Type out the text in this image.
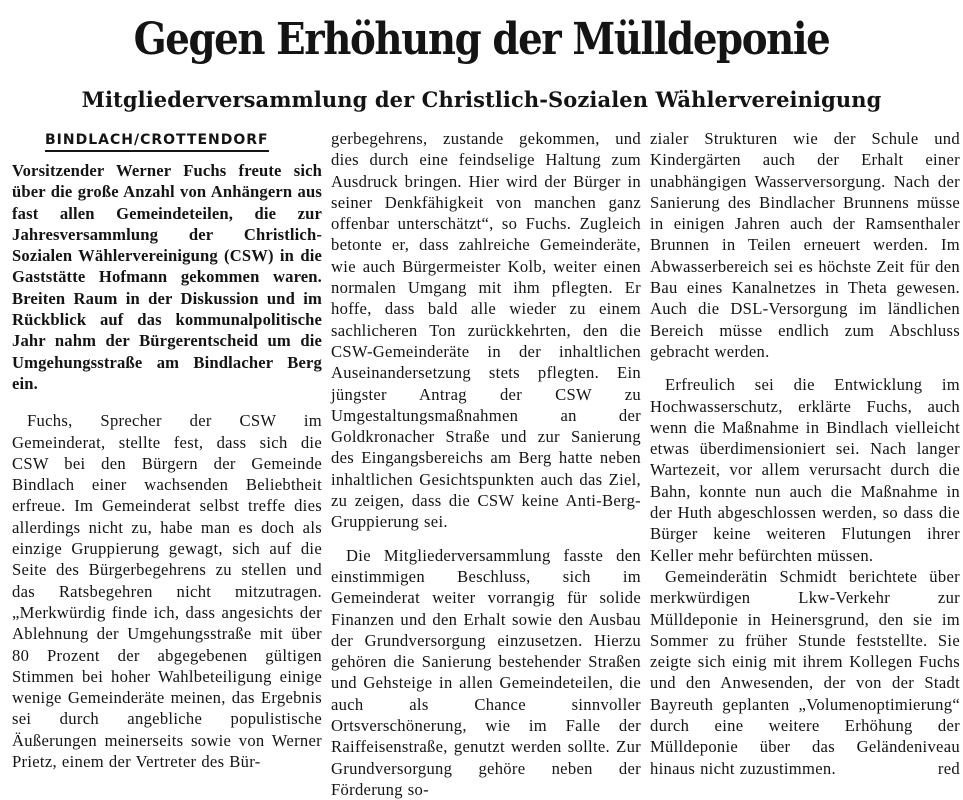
Gegen Erhöhung der Mülldeponie
Mitgliederversammlung der Christlich-Sozialen Wählervereinigung
BINDLACH/CROTTENDORF

Vorsitzender Werner Fuchs freute sich über die große Anzahl von Anhängern aus fast allen Gemeindeteilen, die zur Jahresversammlung der Christlich-Sozialen Wählervereinigung (CSW) in die Gaststätte Hofmann gekommen waren. Breiten Raum in der Diskussion und im Rückblick auf das kommunalpolitische Jahr nahm der Bürgerentscheid um die Umgehungsstraße am Bindlacher Berg ein.

Fuchs, Sprecher der CSW im Gemeinderat, stellte fest, dass sich die CSW bei den Bürgern der Gemeinde Bindlach einer wachsenden Beliebtheit erfreue. Im Gemeinderat selbst treffe dies allerdings nicht zu, habe man es doch als einzige Gruppierung gewagt, sich auf die Seite des Bürgerbegehrens zu stellen und das Ratsbegehren nicht mitzutragen. „Merkwürdig finde ich, dass angesichts der Ablehnung der Umgehungsstraße mit über 80 Prozent der abgegebenen gültigen Stimmen bei hoher Wahlbeteiligung einige wenige Gemeinderäte meinen, das Ergebnis sei durch angebliche populistische Äußerungen meinerseits sowie von Werner Prietz, einem der Vertreter des Bür-

gerbegehrens, zustande gekommen, und dies durch eine feindselige Haltung zum Ausdruck bringen. Hier wird der Bürger in seiner Denkfähigkeit von manchen ganz offenbar unterschätzt“, so Fuchs. Zugleich betonte er, dass zahlreiche Gemeinderäte, wie auch Bürgermeister Kolb, weiter einen normalen Umgang mit ihm pflegten. Er hoffe, dass bald alle wieder zu einem sachlicheren Ton zurückkehrten, den die CSW-Gemeinderäte in der inhaltlichen Auseinandersetzung stets pflegten. Ein jüngster Antrag der CSW zu Umgestaltungsmaßnahmen an der Goldkronacher Straße und zur Sanierung des Eingangsbereichs am Berg hatte neben inhaltlichen Gesichtspunkten auch das Ziel, zu zeigen, dass die CSW keine Anti-Berg-Gruppierung sei.

Die Mitgliederversammlung fasste den einstimmigen Beschluss, sich im Gemeinderat weiter vorrangig für solide Finanzen und den Erhalt sowie den Ausbau der Grundversorgung einzusetzen. Hierzu gehören die Sanierung bestehender Straßen und Gehsteige in allen Gemeindeteilen, die auch als Chance sinnvoller Ortsverschönerung, wie im Falle der Raiffeisenstraße, genutzt werden sollte. Zur Grundversorgung gehöre neben der Förderung so-

zialer Strukturen wie der Schule und Kindergärten auch der Erhalt einer unabhängigen Wasserversorgung. Nach der Sanierung des Bindlacher Brunnens müsse in einigen Jahren auch der Ramsenthaler Brunnen in Teilen erneuert werden. Im Abwasserbereich sei es höchste Zeit für den Bau eines Kanalnetzes in Theta gewesen. Auch die DSL-Versorgung im ländlichen Bereich müsse endlich zum Abschluss gebracht werden.

Erfreulich sei die Entwicklung im Hochwasserschutz, erklärte Fuchs, auch wenn die Maßnahme in Bindlach vielleicht etwas überdimensioniert sei. Nach langer Wartezeit, vor allem verursacht durch die Bahn, konnte nun auch die Maßnahme in der Huth abgeschlossen werden, so dass die Bürger keine weiteren Flutungen ihrer Keller mehr befürchten müssen.

Gemeinderätin Schmidt berichtete über merkwürdigen Lkw-Verkehr zur Mülldeponie in Heinersgrund, den sie im Sommer zu früher Stunde feststellte. Sie zeigte sich einig mit ihrem Kollegen Fuchs und den Anwesenden, der von der Stadt Bayreuth geplanten „Volumenoptimierung“ durch eine weitere Erhöhung der Mülldeponie über das Geländeniveau hinaus nicht zuzustimmen.	red
